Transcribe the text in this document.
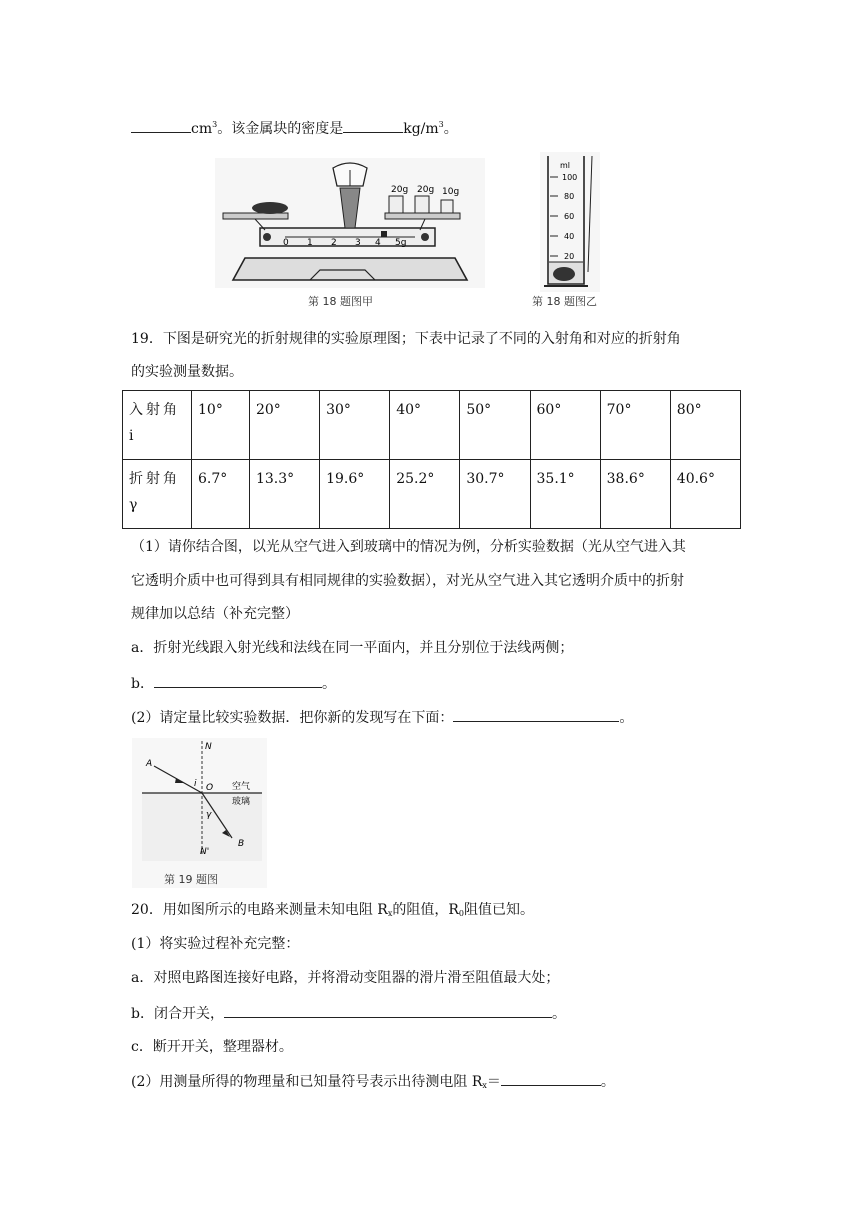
$cm^3$。该金属块的密度是	$kg/m^3$。
20g 20g 10g
0 1 2 3 4 5g
第 18 题图甲
ml
100
80
60
40
20
第 18 题图乙
19．下图是研究光的折射规律的实验原理图；下表中记录了不同的入射角和对应的折射角
的实验测量数据。
入射角
i	10°	20°	30°	40°	50°	60°	70°	80°
折射角
γ	6.7°	13.3°	19.6°	25.2°	30.7°	35.1°	38.6°	40.6°
（1）请你结合图，以光从空气进入到玻璃中的情况为例，分析实验数据（光从空气进入其
它透明介质中也可得到具有相同规律的实验数据），对光从空气进入其它透明介质中的折射
规律加以总结（补充完整）
a．折射光线跟入射光线和法线在同一平面内，并且分别位于法线两侧；
b．	。
(2）请定量比较实验数据．把你新的发现写在下面：	。
N
A
O
i
γ
空气
玻璃
B
N'
第 19 题图
20．用如图所示的电路来测量未知电阻 $R_x$的阻值，$R_0$阻值已知。
(1）将实验过程补充完整：
a．对照电路图连接好电路，并将滑动变阻器的滑片滑至阻值最大处；
b．闭合开关，	。
c．断开开关，整理器材。
(2）用测量所得的物理量和已知量符号表示出待测电阻 $R_x=$	。
